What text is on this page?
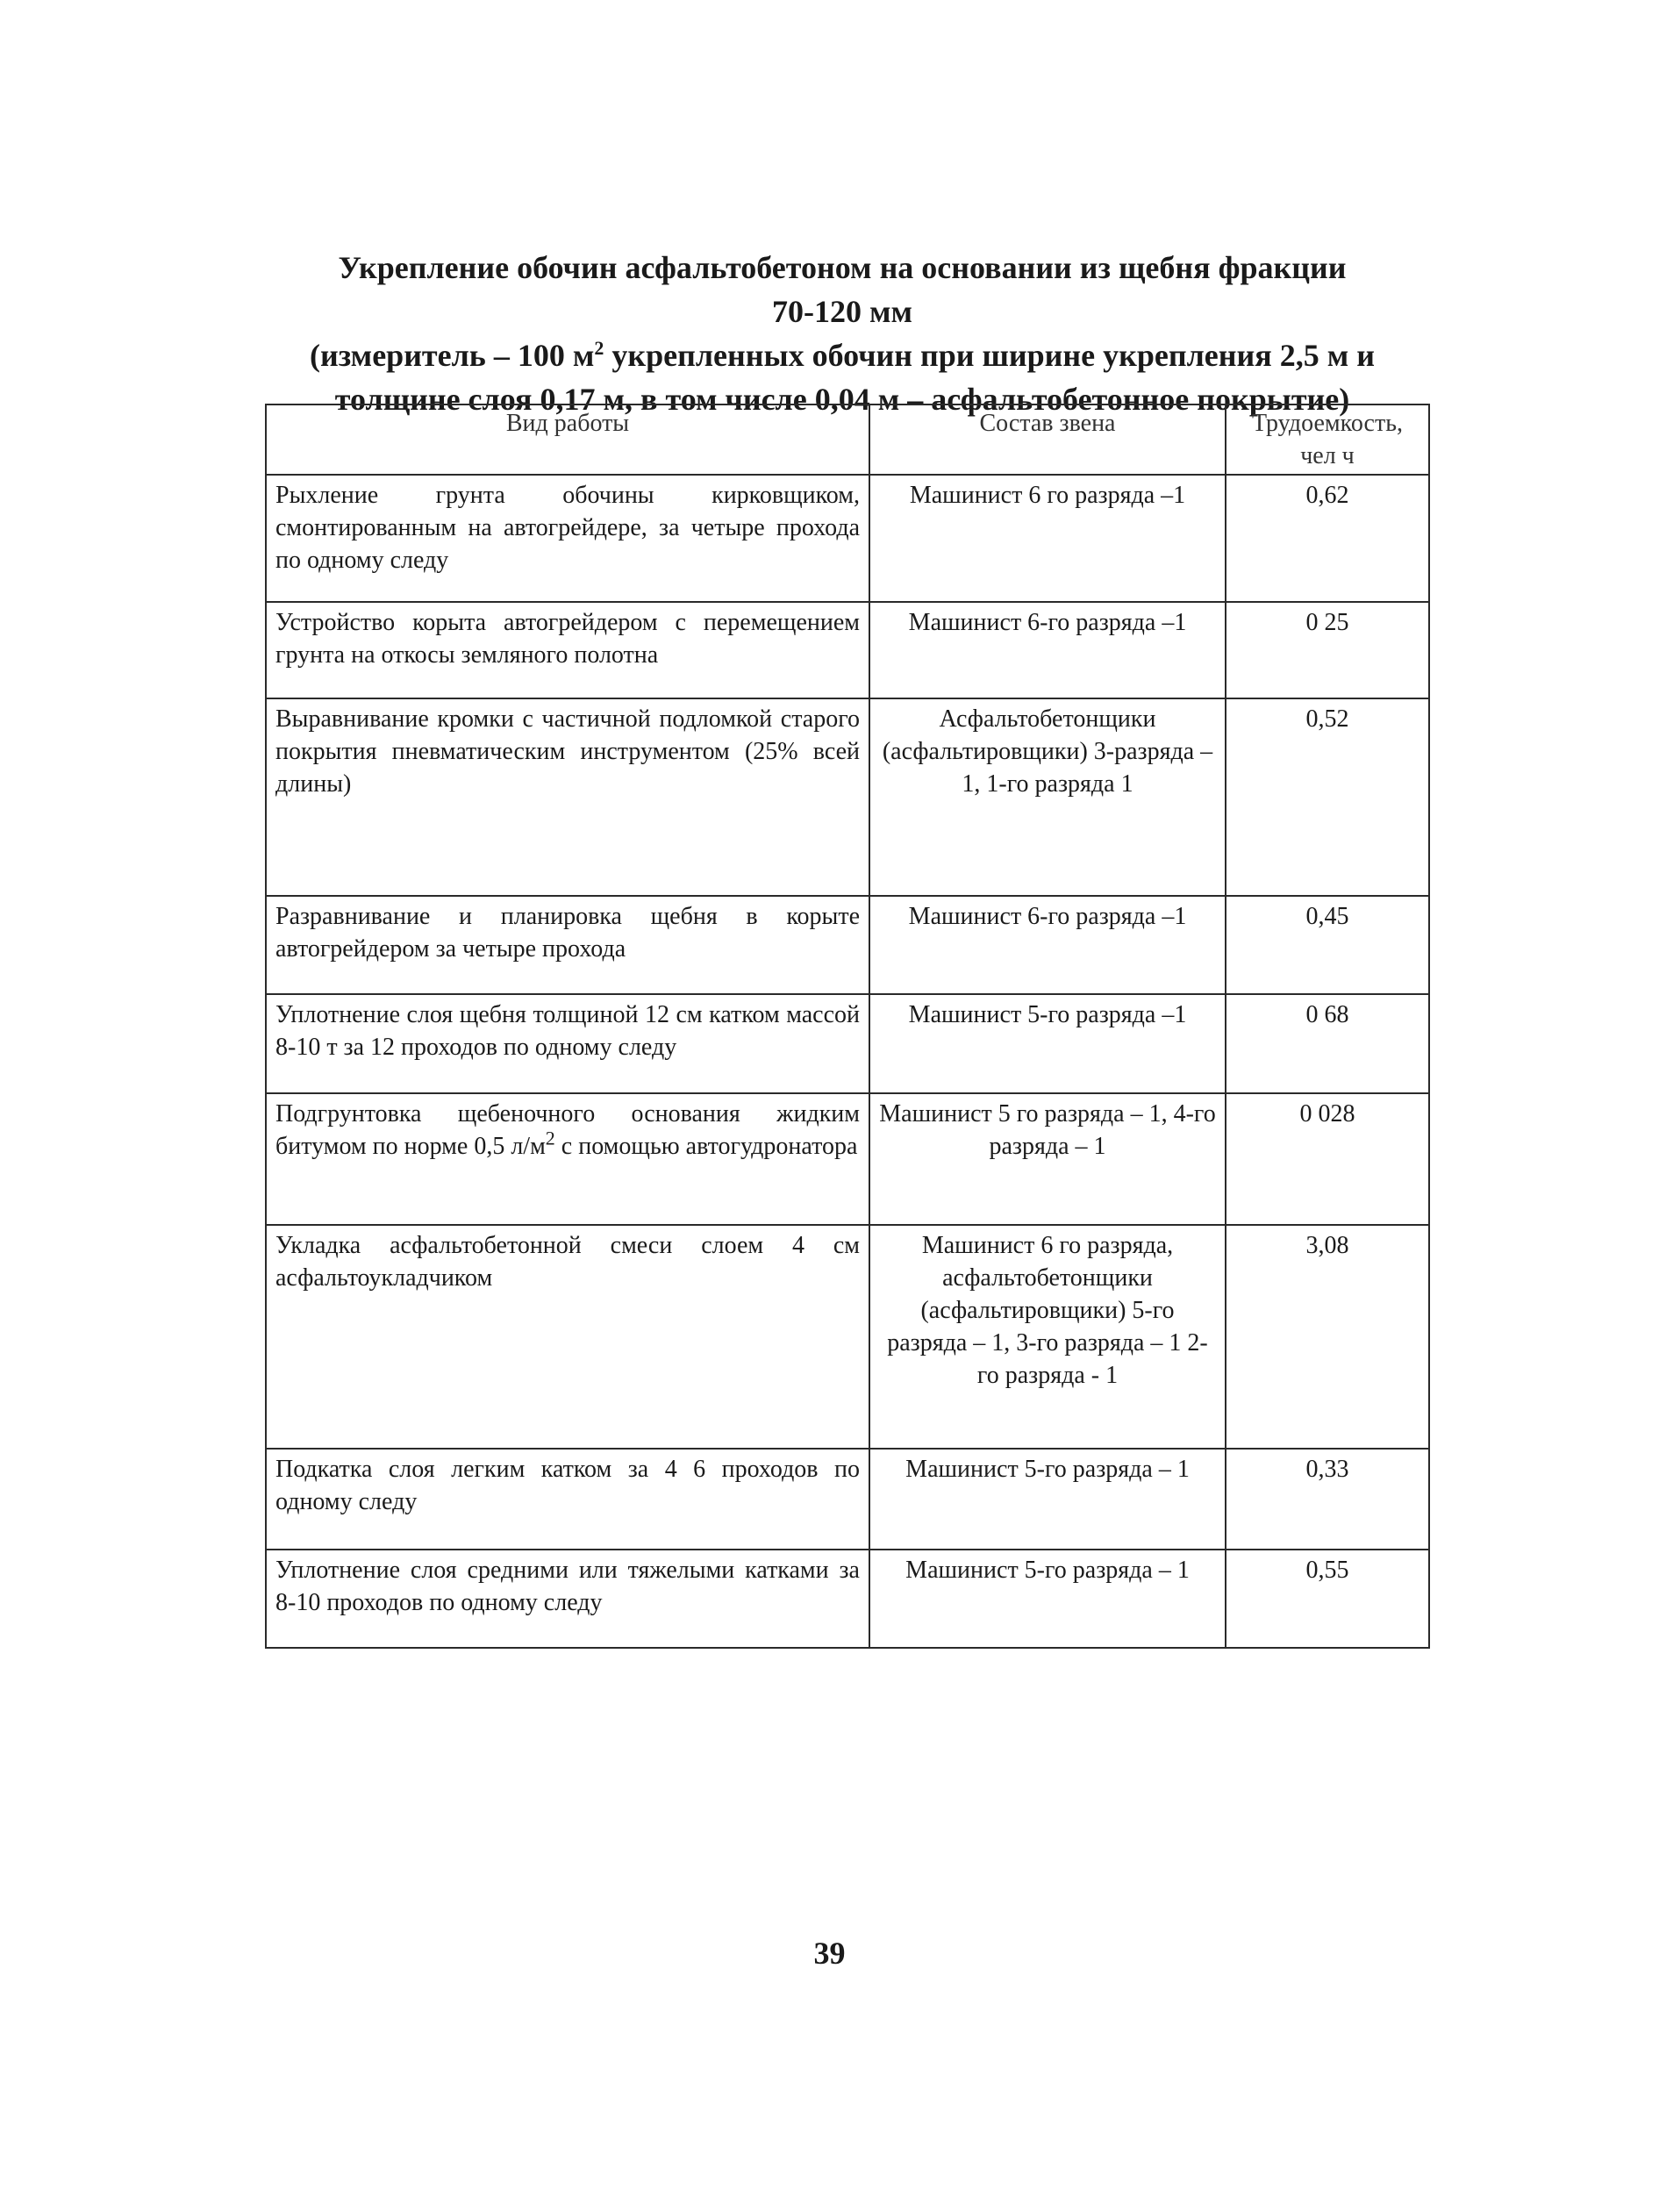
Укрепление обочин асфальтобетоном на основании из щебня фракции
70-120 мм
(измеритель – 100 $м^2$ укрепленных обочин при ширине укрепления 2,5 м и
толщине слоя 0,17 м, в том числе 0,04 м – асфальтобетонное покрытие)
Вид работы	Состав звена	Трудоемкость, чел ч
Рыхление грунта обочины кирковщиком, смонтированным на автогрейдере, за четыре прохода по одному следу	Машинист 6 го разряда –1	0,62
Устройство корыта автогрейдером с перемещением грунта на откосы земляного полотна	Машинист 6-го разряда –1	0 25
Выравнивание кромки с частичной подломкой старого покрытия пневматическим инструментом (25% всей длины)	Асфальтобетонщики (асфальтировщики) 3-разряда – 1, 1-го разряда 1	0,52
Разравнивание и планировка щебня в корыте автогрейдером за четыре прохода	Машинист 6-го разряда –1	0,45
Уплотнение слоя щебня толщиной 12 см катком массой 8-10 т за 12 проходов по одному следу	Машинист 5-го разряда –1	0 68
Подгрунтовка щебеночного основания жидким битумом по норме 0,5 $л/м^2$ с помощью автогудронатора	Машинист 5 го разряда – 1, 4-го разряда – 1	0 028
Укладка асфальтобетонной смеси слоем 4 см асфальтоукладчиком	Машинист 6 го разряда, асфальтобетонщики (асфальтировщики) 5-го разряда – 1, 3-го разряда – 1 2-го разряда - 1	3,08
Подкатка слоя легким катком за 4 6 проходов по одному следу	Машинист 5-го разряда – 1	0,33
Уплотнение слоя средними или тяжелыми катками за 8-10 проходов по одному следу	Машинист 5-го разряда – 1	0,55
39
